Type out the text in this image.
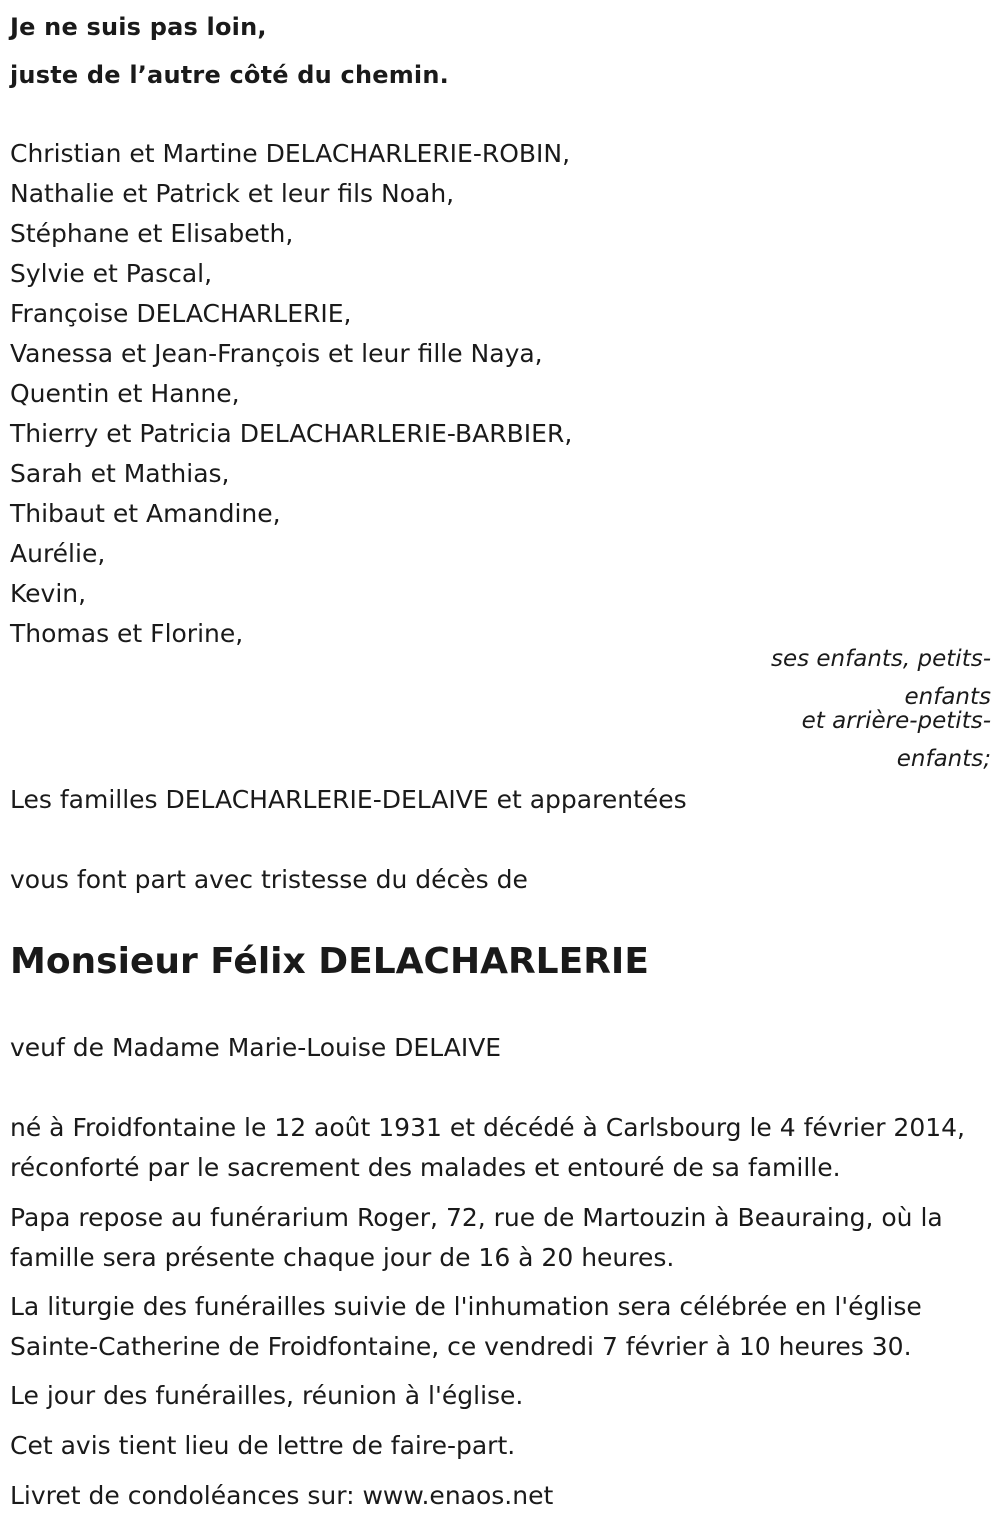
Je ne suis pas loin,
juste de l’autre côté du chemin.
Christian et Martine DELACHARLERIE-ROBIN,
Nathalie et Patrick et leur fils Noah,
Stéphane et Elisabeth,
Sylvie et Pascal,
Françoise DELACHARLERIE,
Vanessa et Jean-François et leur fille Naya,
Quentin et Hanne,
Thierry et Patricia DELACHARLERIE-BARBIER,
Sarah et Mathias,
Thibaut et Amandine,
Aurélie,
Kevin,
Thomas et Florine,
ses enfants, petits-enfants
et arrière-petits-enfants;
Les familles DELACHARLERIE-DELAIVE et apparentées
vous font part avec tristesse du décès de
Monsieur Félix DELACHARLERIE
veuf de Madame Marie-Louise DELAIVE

né à Froidfontaine le 12 août 1931 et décédé à Carlsbourg le 4 février 2014, réconforté par le sacrement des malades et entouré de sa famille.

Papa repose au funérarium Roger, 72, rue de Martouzin à Beauraing, où la famille sera présente chaque jour de 16 à 20 heures.

La liturgie des funérailles suivie de l'inhumation sera célébrée en l'église Sainte-Catherine de Froidfontaine, ce vendredi 7 février à 10 heures 30.

Le jour des funérailles, réunion à l'église.

Cet avis tient lieu de lettre de faire-part.

Livret de condoléances sur: www.enaos.net
